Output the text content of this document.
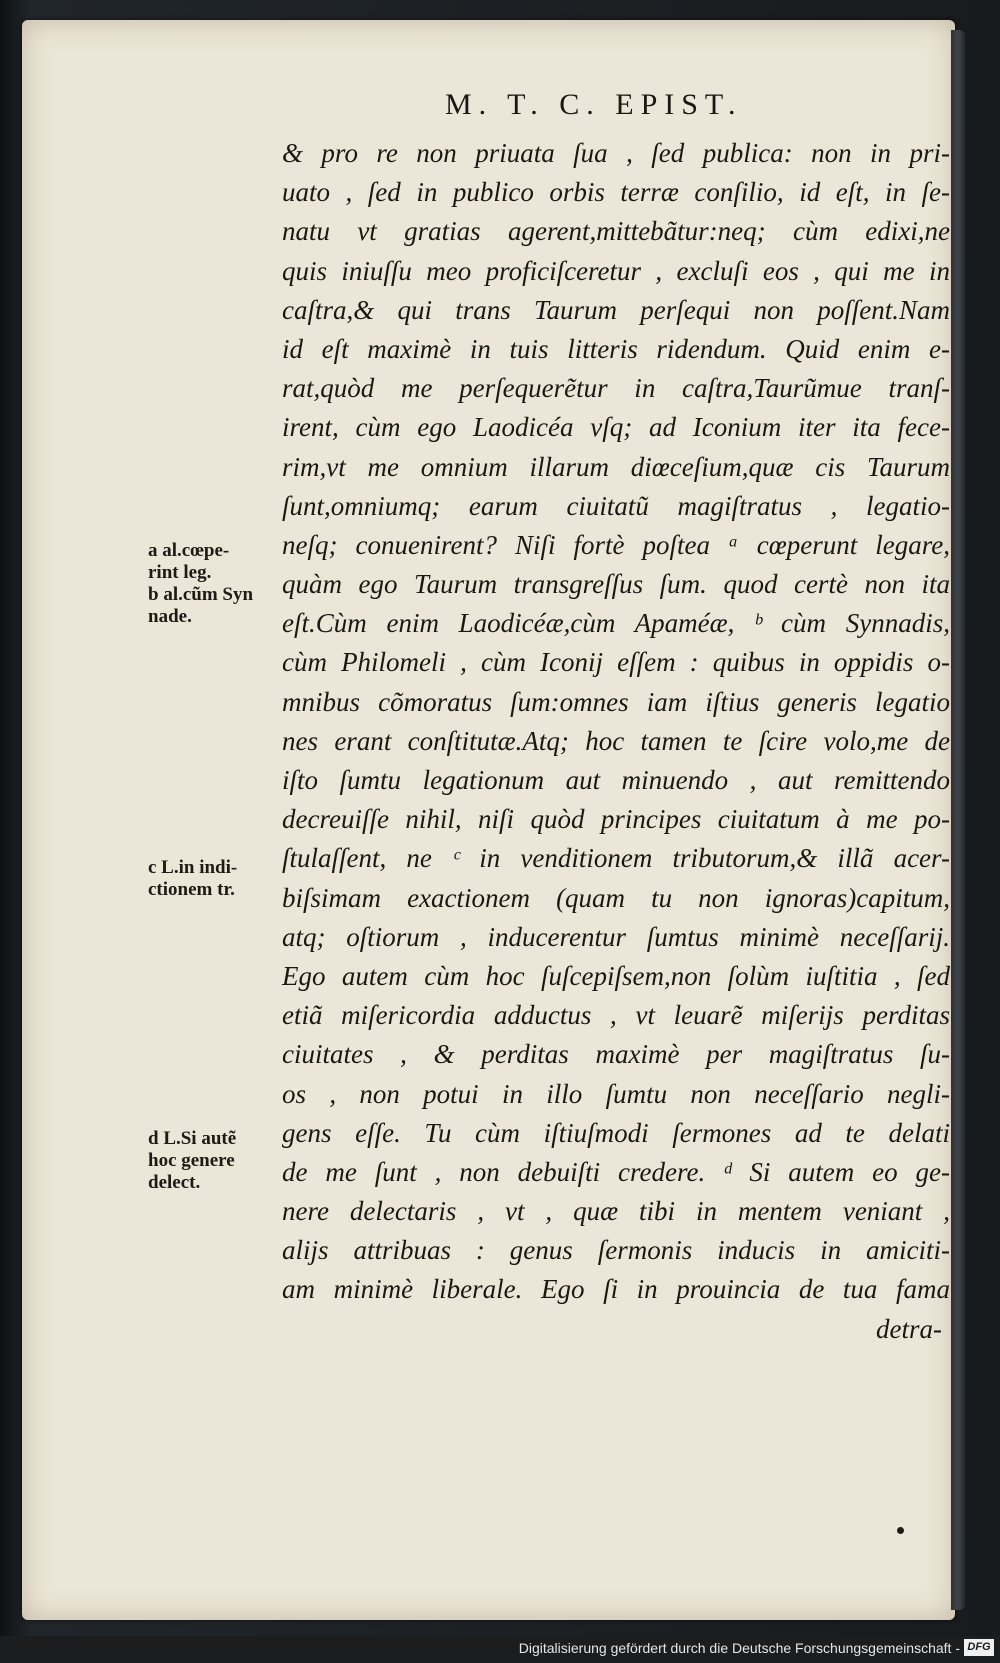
M. T. C. EPIST.
& pro re non priuata ſua , ſed publica: non in pri-
uato , ſed in publico orbis terræ conſilio, id eſt, in ſe-
natu vt gratias agerent,mittebãtur:neq; cùm edixi,ne
quis iniuſſu meo proficiſceretur , excluſi eos , qui me in
caſtra,& qui trans Taurum perſequi non poſſent.Nam
id eſt maximè in tuis litteris ridendum. Quid enim e-
rat,quòd me perſequerẽtur in caſtra,Taurũmue tranſ-
irent, cùm ego Laodicéa vſq; ad Iconium iter ita fece-
rim,vt me omnium illarum diœceſium,quæ cis Taurum
ſunt,omniumq; earum ciuitatũ magiſtratus , legatio-
neſq; conuenirent? Niſi fortè poſtea ᵃ cœperunt legare,
quàm ego Taurum transgreſſus ſum. quod certè non ita
eſt.Cùm enim Laodicéæ,cùm Apaméæ, ᵇ cùm Synnadis,
cùm Philomeli , cùm Iconij eſſem : quibus in oppidis o-
mnibus cõmoratus ſum:omnes iam iſtius generis legatio
nes erant conſtitutæ.Atq; hoc tamen te ſcire volo,me de
iſto ſumtu legationum aut minuendo , aut remittendo
decreuiſſe nihil, niſi quòd principes ciuitatum à me po-
ſtulaſſent, ne ᶜ in venditionem tributorum,& illã acer-
biſsimam exactionem (quam tu non ignoras)capitum,
atq; oſtiorum , inducerentur ſumtus minimè neceſſarij.
Ego autem cùm hoc ſuſcepiſsem,non ſolùm iuſtitia , ſed
etiã miſericordia adductus , vt leuarẽ miſerijs perditas
ciuitates , & perditas maximè per magiſtratus ſu-
os , non potui in illo ſumtu non neceſſario negli-
gens eſſe. Tu cùm iſtiuſmodi ſermones ad te delati
de me ſunt , non debuiſti credere. ᵈ Si autem eo ge-
nere delectaris , vt , quæ tibi in mentem veniant ,
alijs attribuas : genus ſermonis inducis in amiciti-
am minimè liberale. Ego ſi in prouincia de tua fama
detra-
a al.cœpe-
rint leg.
b al.cũm Syn
nade.
c L.in indi-
ctionem tr.
d L.Si autẽ
hoc genere
delect.
Digitalisierung gefördert durch die Deutsche Forschungsgemeinschaft - DFG
